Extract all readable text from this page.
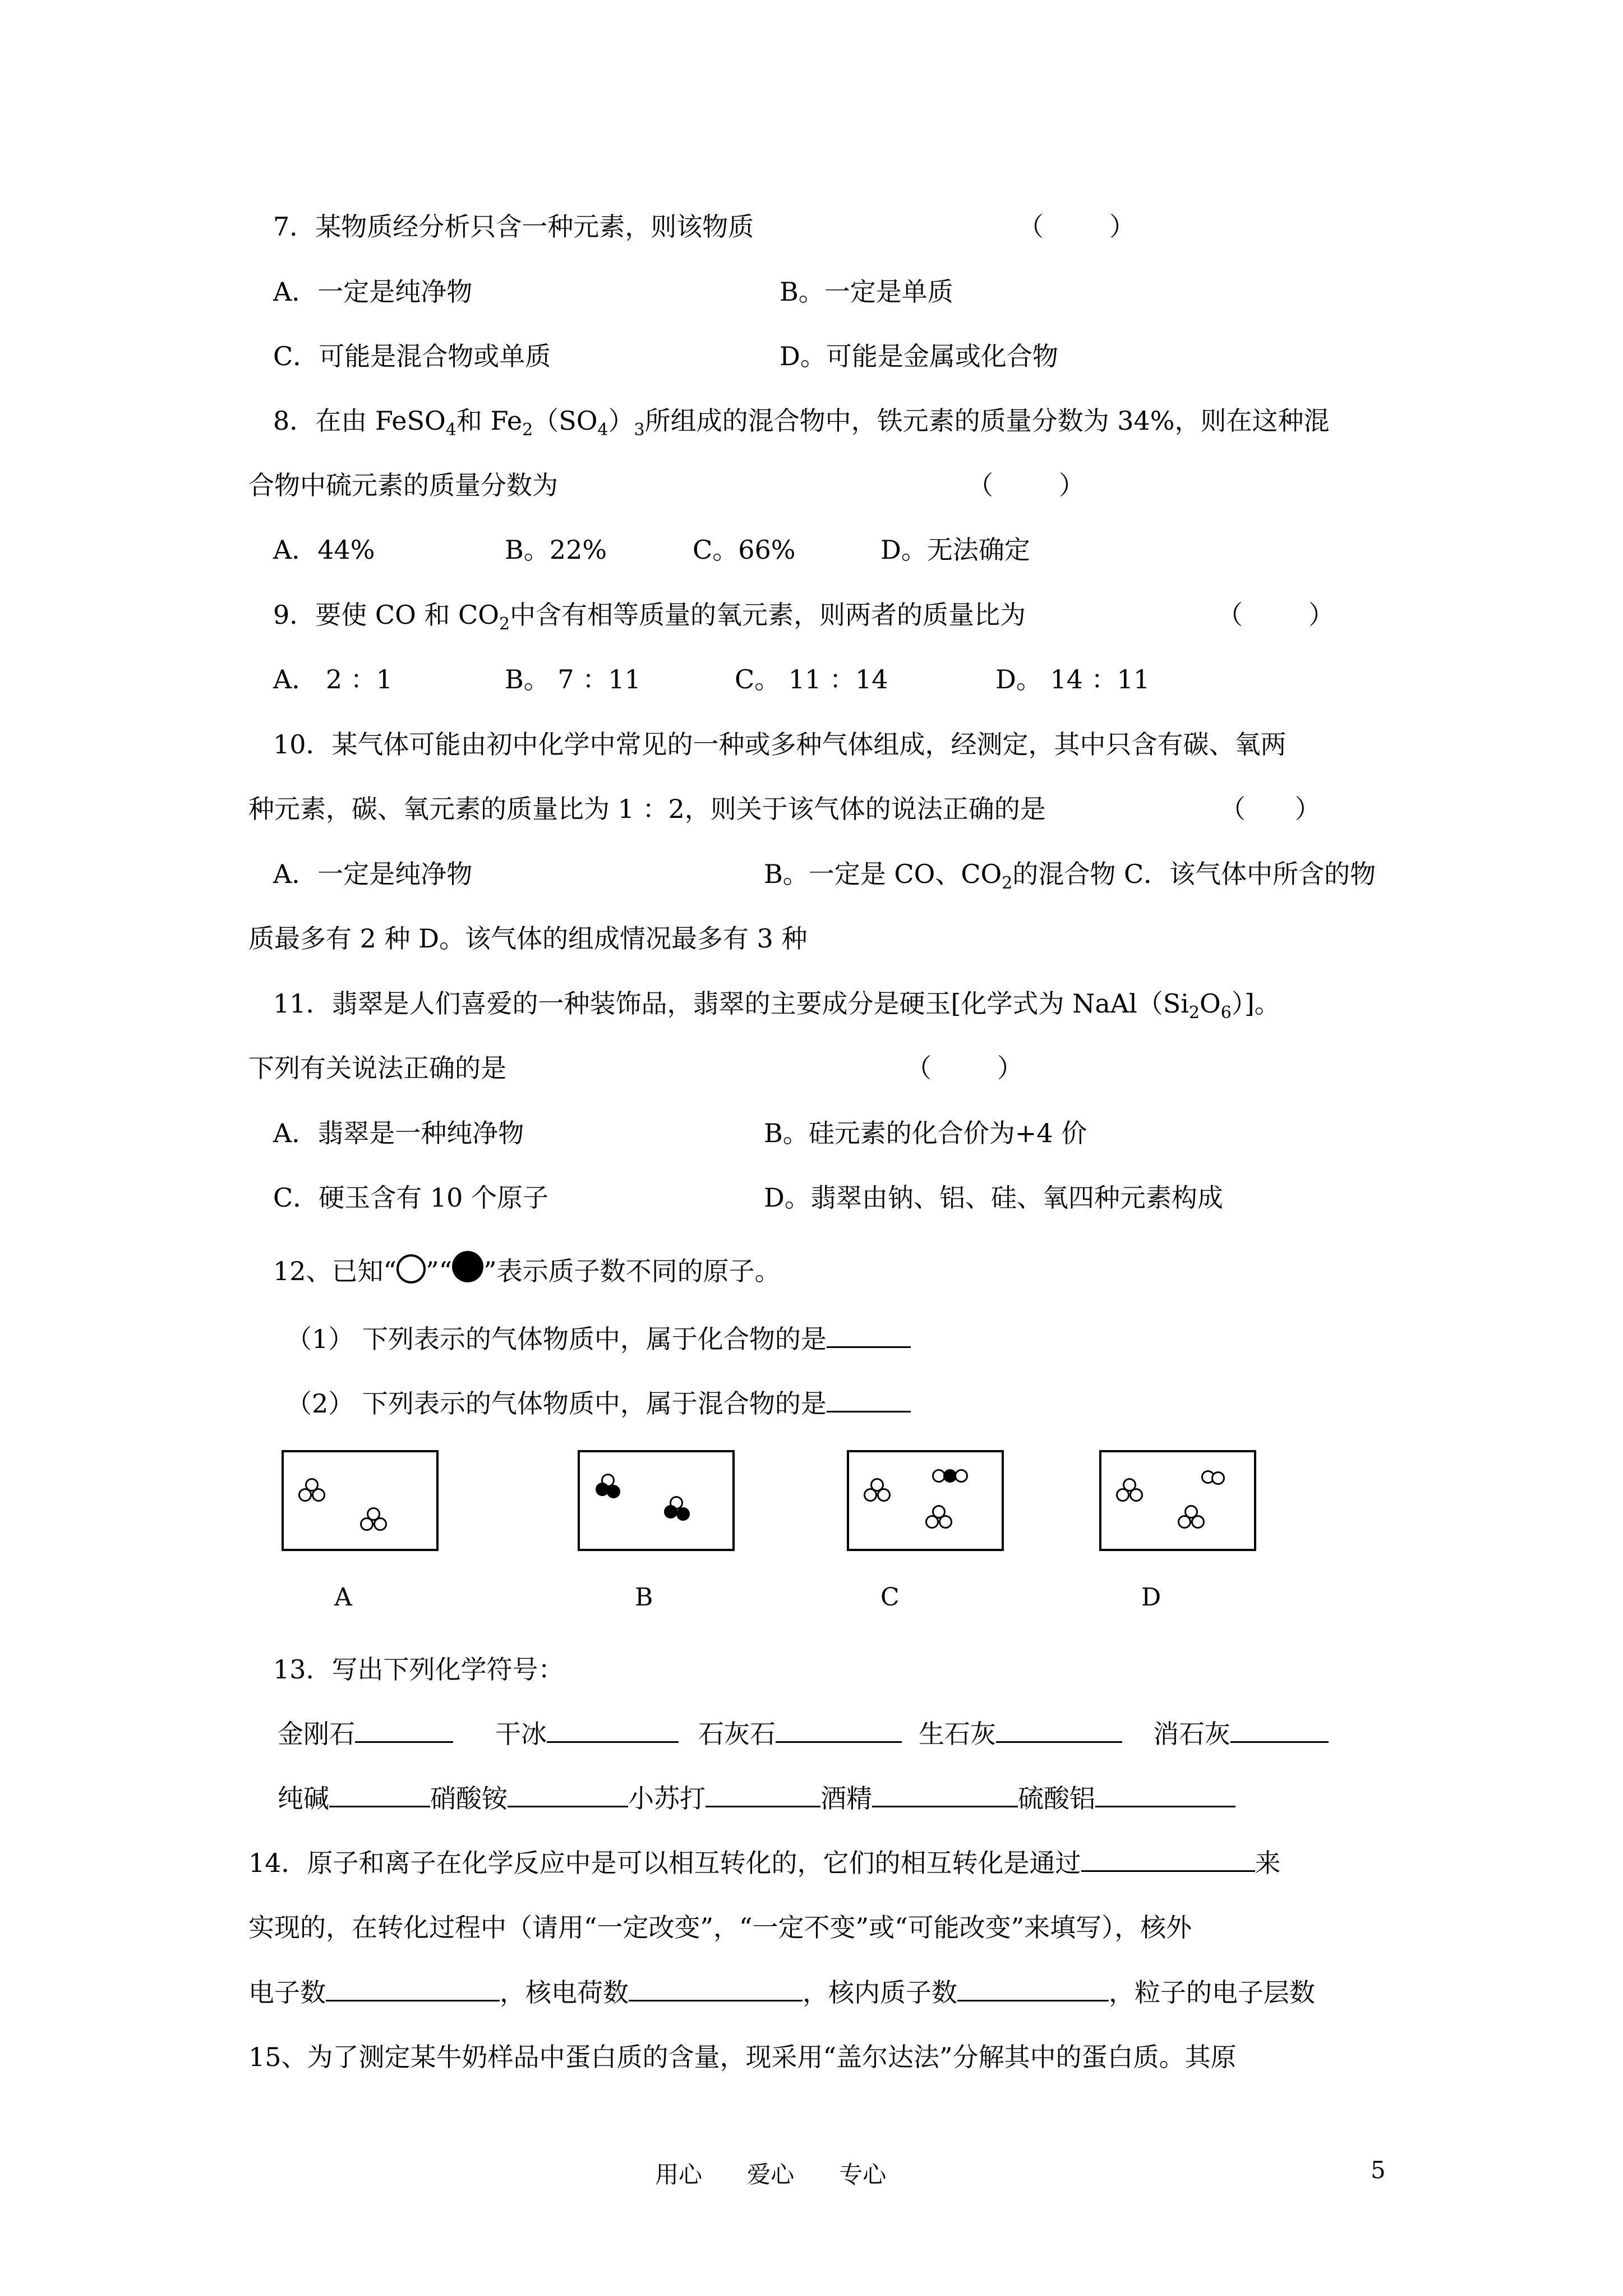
7．某物质经分析只含一种元素，则该物质	（        ）
A．一定是纯净物	B。一定是单质
C．可能是混合物或单质	D。可能是金属或化合物
8．在由 FeSO$_4$和 $Fe_2(SO_4)_3$所组成的混合物中，铁元素的质量分数为 34%，则在这种混
合物中硫元素的质量分数为	（        ）
A．44%	B。22%	C。66%	D。无法确定
9．要使 CO 和 $CO_2$中含有相等质量的氧元素，则两者的质量比为	（        ）
A． 2 ：1	B。 7 ：11	C。 11 ：14	D。 14 ：11
10．某气体可能由初中化学中常见的一种或多种气体组成，经测定，其中只含有碳、氧两
种元素，碳、氧元素的质量比为 1 ：2，则关于该气体的说法正确的是	（      ）
A．一定是纯净物	B。一定是 CO、$CO_2$的混合物 C．该气体中所含的物
质最多有 2 种 D。该气体的组成情况最多有 3 种
11．翡翠是人们喜爱的一种装饰品，翡翠的主要成分是硬玉[化学式为 $NaAl(Si_2O_6)$]。
下列有关说法正确的是	（        ）
A．翡翠是一种纯净物	B。硅元素的化合价为+4 价
C．硬玉含有 10 个原子	D。翡翠由钠、铝、硅、氧四种元素构成
12、已知“ ”“ ”表示质子数不同的原子。
（1） 下列表示的气体物质中，属于化合物的是
（2） 下列表示的气体物质中，属于混合物的是
A	B	C	D
13．写出下列化学符号：
金刚石	干冰	石灰石	生石灰	消石灰
纯碱	硝酸铵	小苏打	酒精	硫酸铝
14．原子和离子在化学反应中是可以相互转化的，它们的相互转化是通过	来
实现的，在转化过程中（请用“一定改变”，“一定不变”或“可能改变”来填写），核外
电子数	，核电荷数	，核内质子数	，粒子的电子层数
15、为了测定某牛奶样品中蛋白质的含量，现采用“盖尔达法”分解其中的蛋白质。其原
用心      爱心      专心	5
